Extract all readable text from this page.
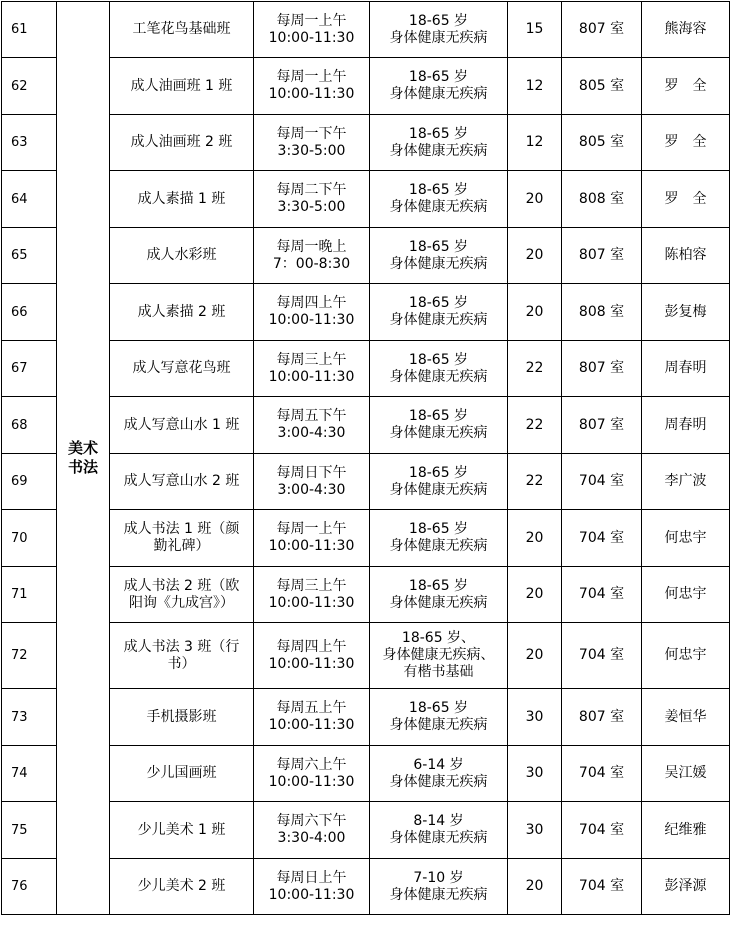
61	美术
书法	工笔花鸟基础班	每周一上午
10:00-11:30	18-65 岁
身体健康无疾病	15	807 室	熊海容
62		成人油画班 1 班	每周一上午
10:00-11:30	18-65 岁
身体健康无疾病	12	805 室	罗　全
63		成人油画班 2 班	每周一下午
3:30-5:00	18-65 岁
身体健康无疾病	12	805 室	罗　全
64		成人素描 1 班	每周二下午
3:30-5:00	18-65 岁
身体健康无疾病	20	808 室	罗　全
65		成人水彩班	每周一晚上
7：00-8:30	18-65 岁
身体健康无疾病	20	807 室	陈柏容
66		成人素描 2 班	每周四上午
10:00-11:30	18-65 岁
身体健康无疾病	20	808 室	彭复梅
67		成人写意花鸟班	每周三上午
10:00-11:30	18-65 岁
身体健康无疾病	22	807 室	周春明
68		成人写意山水 1 班	每周五下午
3:00-4:30	18-65 岁
身体健康无疾病	22	807 室	周春明
69		成人写意山水 2 班	每周日下午
3:00-4:30	18-65 岁
身体健康无疾病	22	704 室	李广波
70		成人书法 1 班（颜
勤礼碑）	每周一上午
10:00-11:30	18-65 岁
身体健康无疾病	20	704 室	何忠宇
71		成人书法 2 班（欧
阳询《九成宫》）	每周三上午
10:00-11:30	18-65 岁
身体健康无疾病	20	704 室	何忠宇
72		成人书法 3 班（行
书）	每周四上午
10:00-11:30	18-65 岁、
身体健康无疾病、
有楷书基础	20	704 室	何忠宇
73		手机摄影班	每周五上午
10:00-11:30	18-65 岁
身体健康无疾病	30	807 室	姜恒华
74		少儿国画班	每周六上午
10:00-11:30	6-14 岁
身体健康无疾病	30	704 室	吴江媛
75		少儿美术 1 班	每周六下午
3:30-4:00	8-14 岁
身体健康无疾病	30	704 室	纪维雅
76		少儿美术 2 班	每周日上午
10:00-11:30	7-10 岁
身体健康无疾病	20	704 室	彭泽源
